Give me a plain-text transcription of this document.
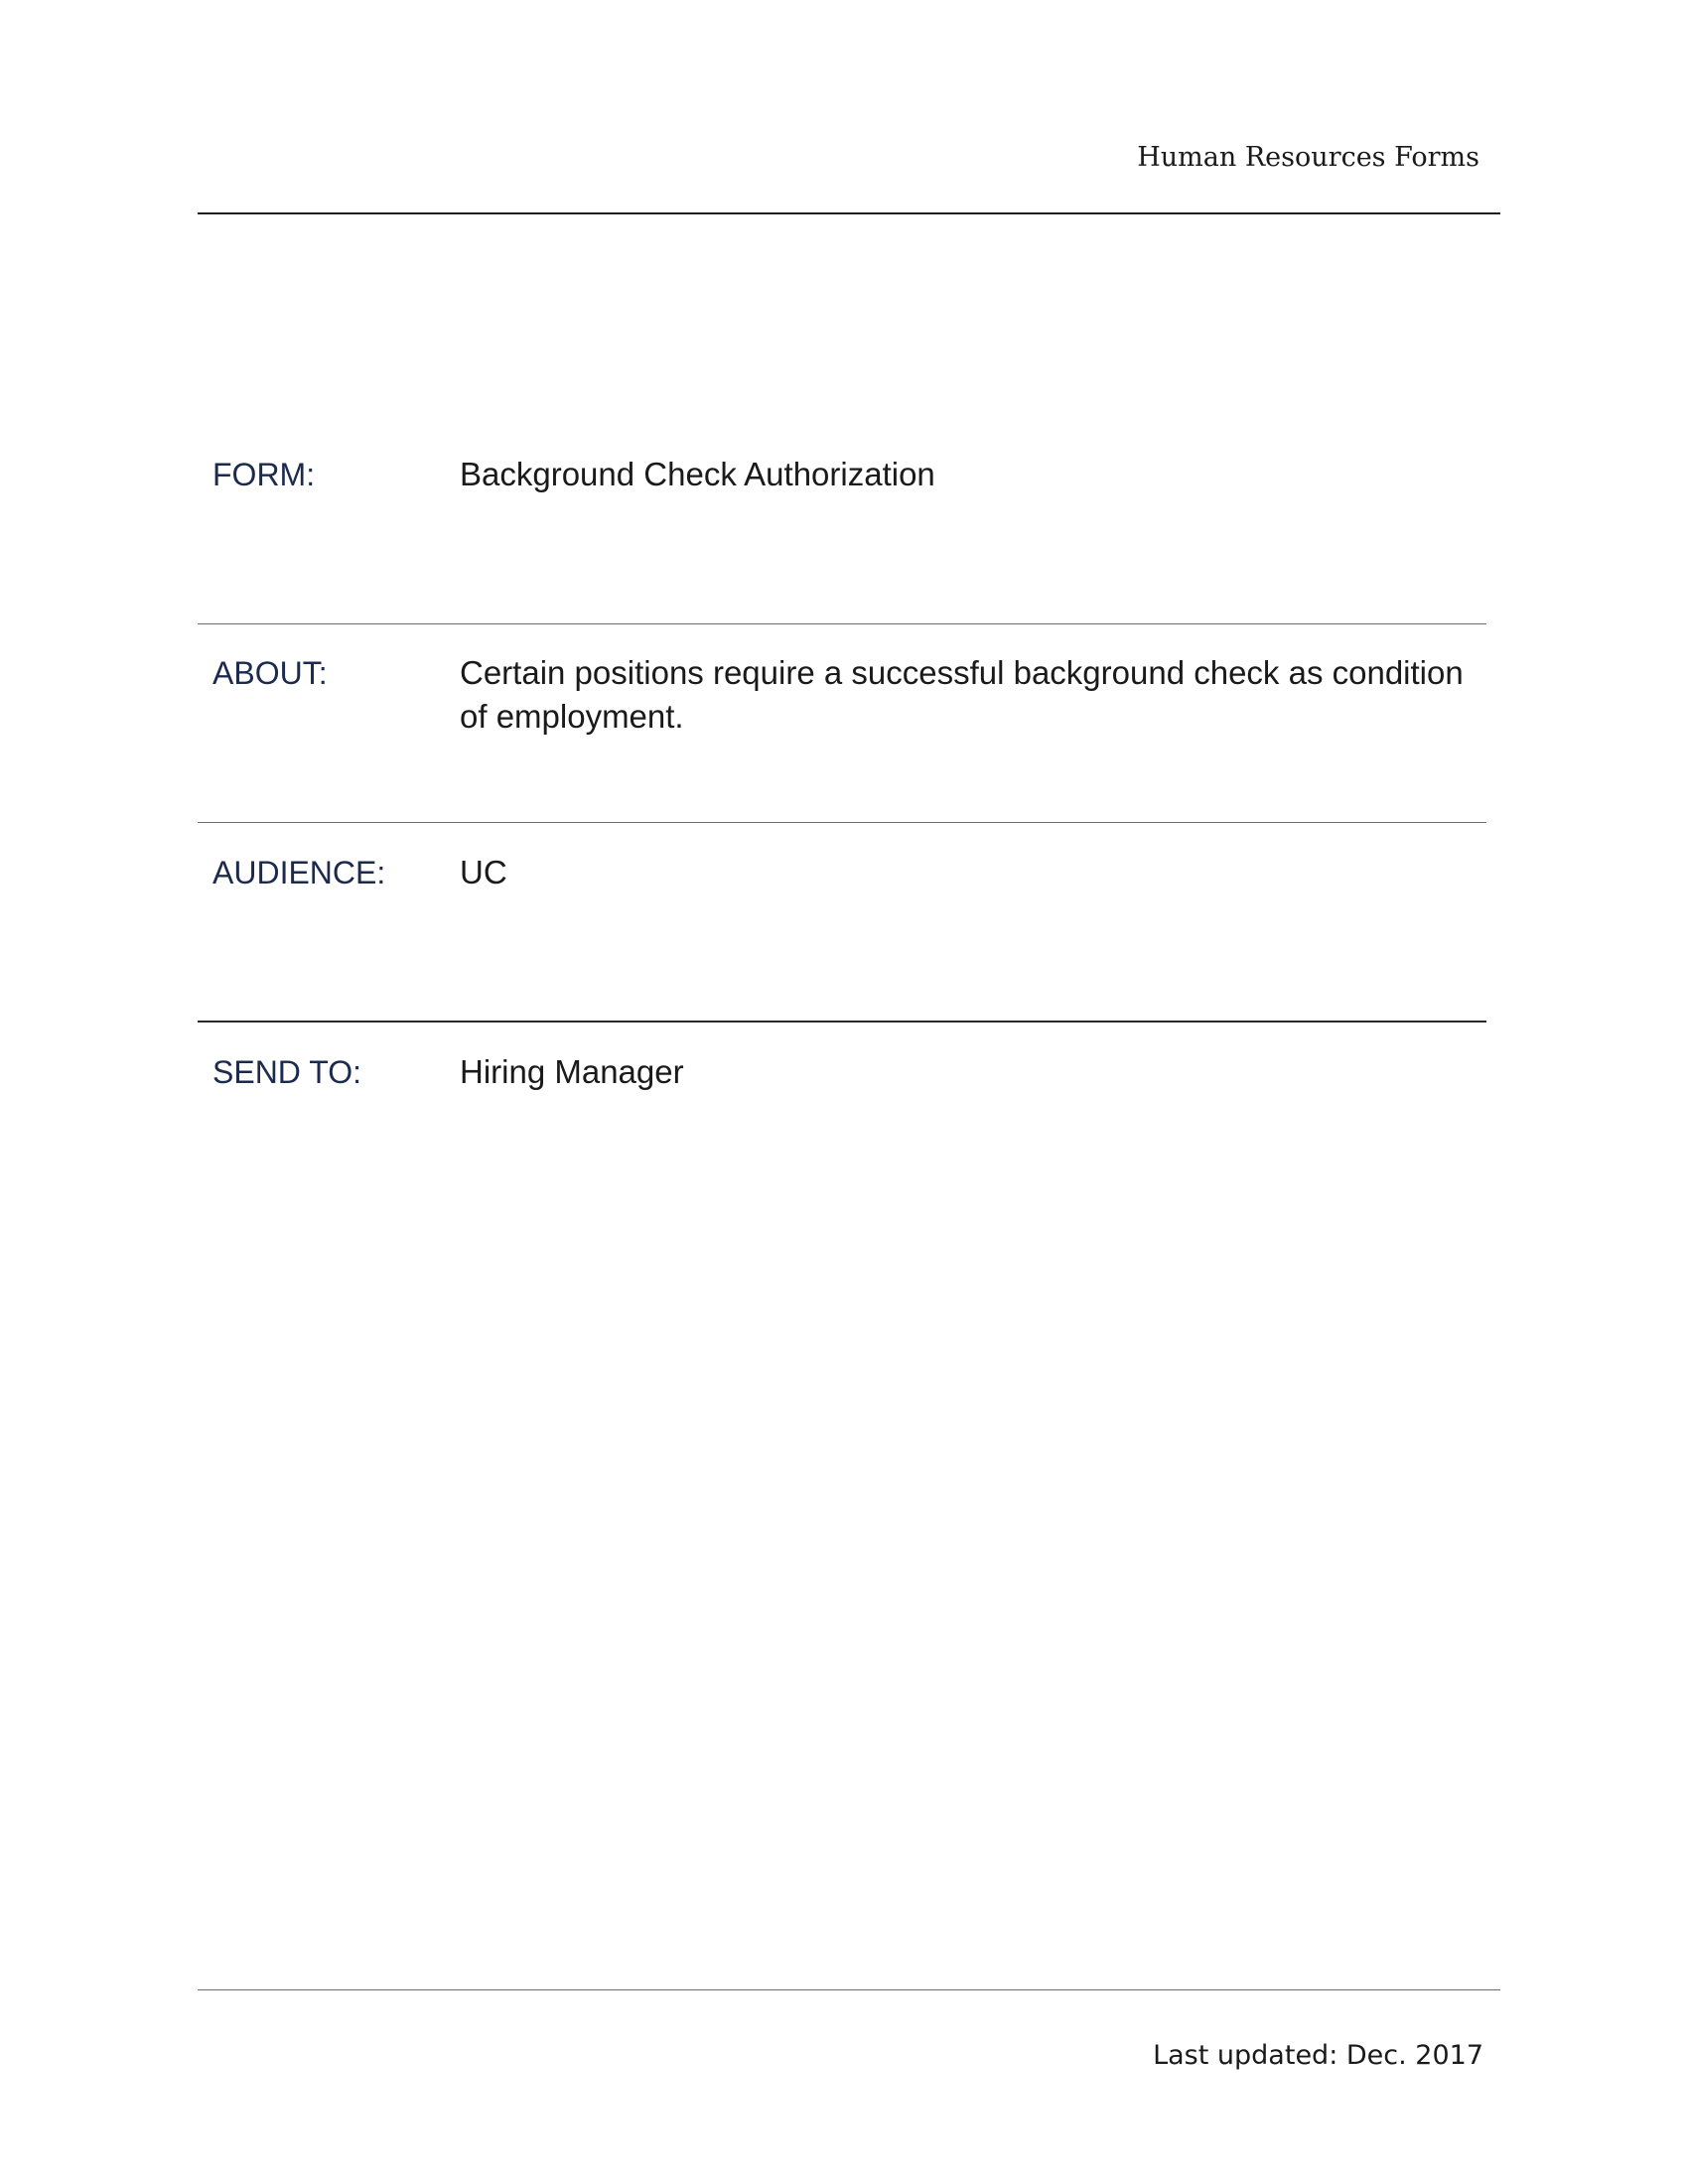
Human Resources Forms
FORM:	Background Check Authorization
ABOUT:	Certain positions require a successful background check as condition of employment.
AUDIENCE: UC
SEND TO:	Hiring Manager
Last updated: Dec. 2017
